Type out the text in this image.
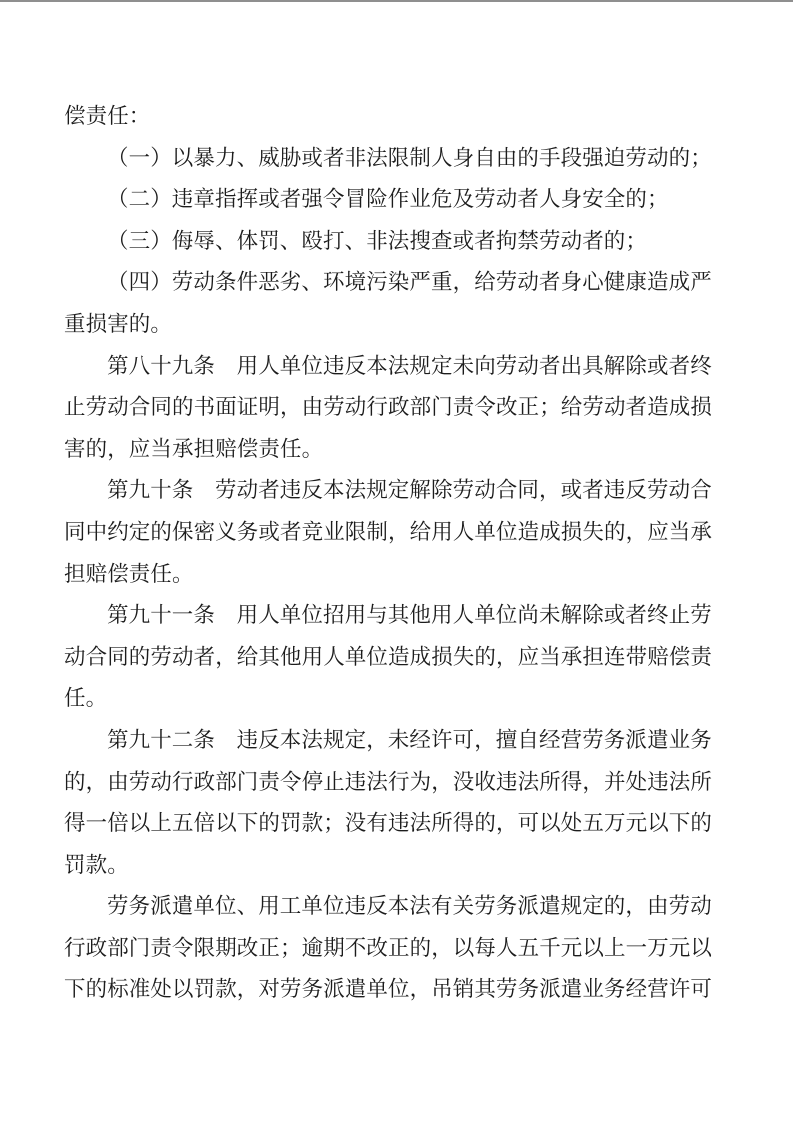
偿责任：
（一）以暴力、威胁或者非法限制人身自由的手段强迫劳动的；
（二）违章指挥或者强令冒险作业危及劳动者人身安全的；
（三）侮辱、体罚、殴打、非法搜查或者拘禁劳动者的；
（四）劳动条件恶劣、环境污染严重，给劳动者身心健康造成严
重损害的。
第八十九条　用人单位违反本法规定未向劳动者出具解除或者终
止劳动合同的书面证明，由劳动行政部门责令改正；给劳动者造成损
害的，应当承担赔偿责任。
第九十条　劳动者违反本法规定解除劳动合同，或者违反劳动合
同中约定的保密义务或者竞业限制，给用人单位造成损失的，应当承
担赔偿责任。
第九十一条　用人单位招用与其他用人单位尚未解除或者终止劳
动合同的劳动者，给其他用人单位造成损失的，应当承担连带赔偿责
任。
第九十二条　违反本法规定，未经许可，擅自经营劳务派遣业务
的，由劳动行政部门责令停止违法行为，没收违法所得，并处违法所
得一倍以上五倍以下的罚款；没有违法所得的，可以处五万元以下的
罚款。
劳务派遣单位、用工单位违反本法有关劳务派遣规定的，由劳动
行政部门责令限期改正；逾期不改正的，以每人五千元以上一万元以
下的标准处以罚款，对劳务派遣单位，吊销其劳务派遣业务经营许可
